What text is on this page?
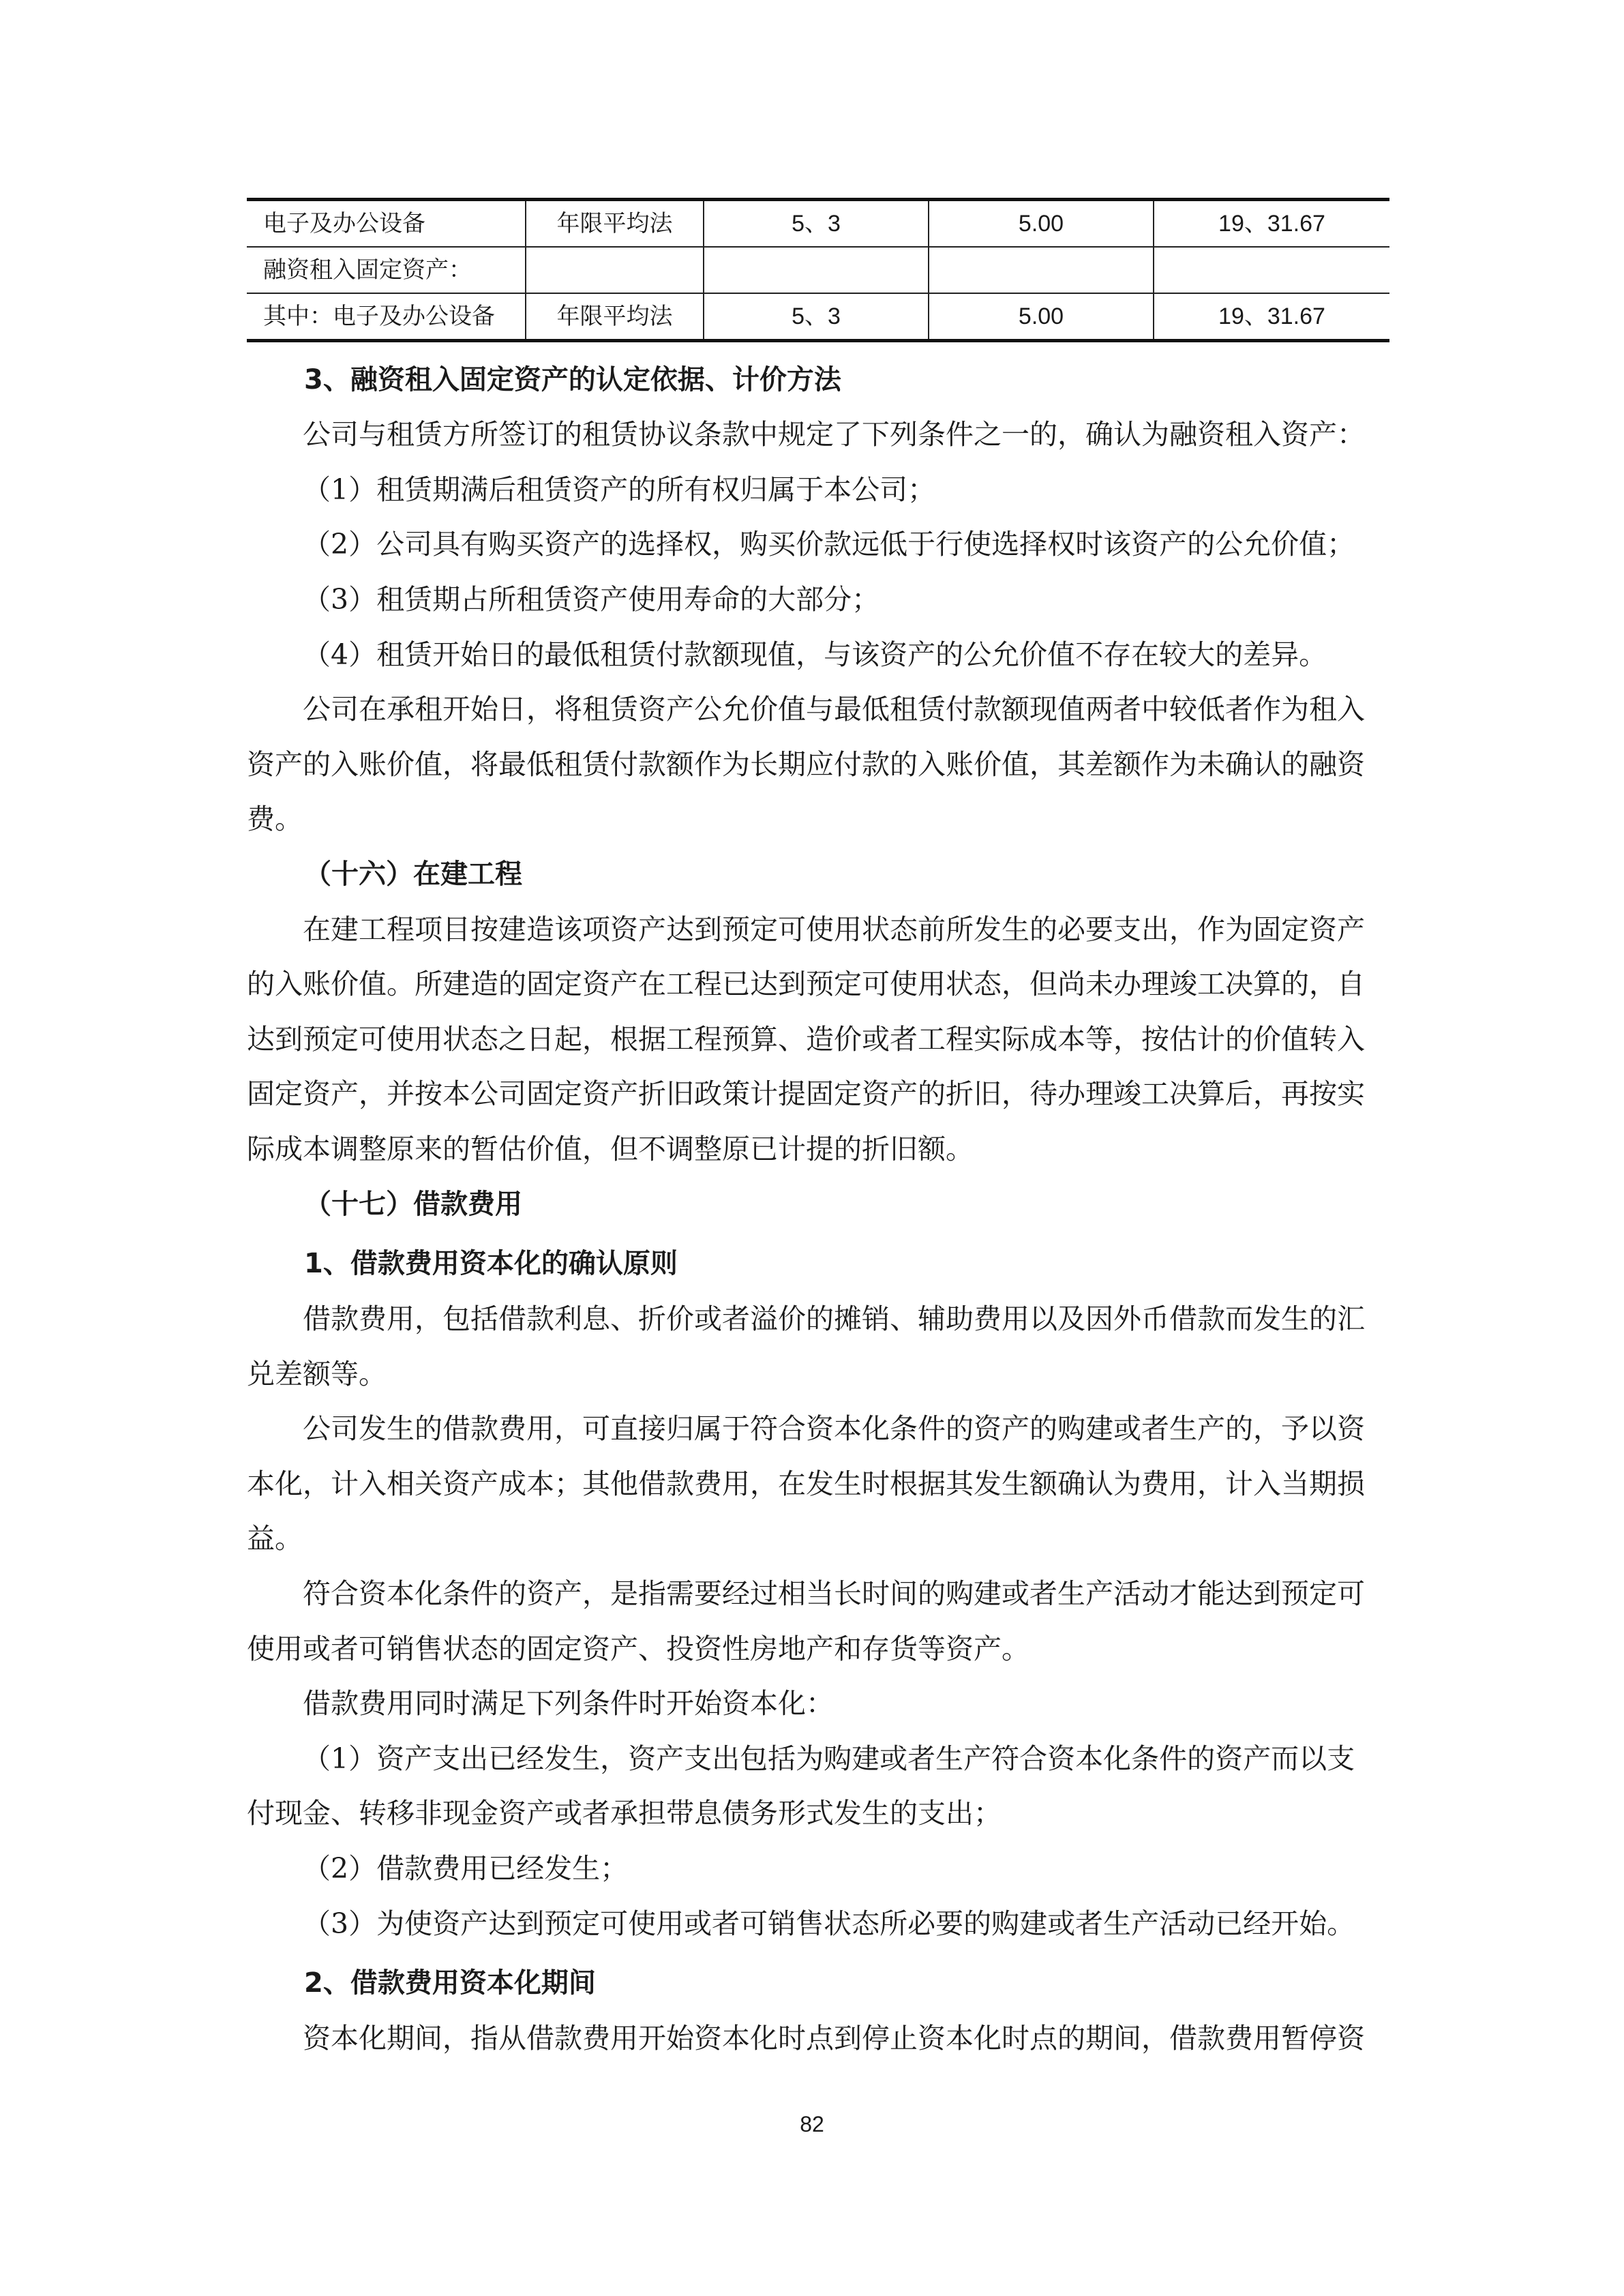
电子及办公设备	年限平均法	5、3	5.00	19、31.67
融资租入固定资产：				
其中：电子及办公设备	年限平均法	5、3	5.00	19、31.67

3、融资租入固定资产的认定依据、计价方法

公司与租赁方所签订的租赁协议条款中规定了下列条件之一的，确认为融资租入资产：

（1）租赁期满后租赁资产的所有权归属于本公司；

（2）公司具有购买资产的选择权，购买价款远低于行使选择权时该资产的公允价值；

（3）租赁期占所租赁资产使用寿命的大部分；

（4）租赁开始日的最低租赁付款额现值，与该资产的公允价值不存在较大的差异。

公司在承租开始日，将租赁资产公允价值与最低租赁付款额现值两者中较低者作为租入

资产的入账价值，将最低租赁付款额作为长期应付款的入账价值，其差额作为未确认的融资

费。

（十六）在建工程

在建工程项目按建造该项资产达到预定可使用状态前所发生的必要支出，作为固定资产

的入账价值。所建造的固定资产在工程已达到预定可使用状态，但尚未办理竣工决算的，自

达到预定可使用状态之日起，根据工程预算、造价或者工程实际成本等，按估计的价值转入

固定资产，并按本公司固定资产折旧政策计提固定资产的折旧，待办理竣工决算后，再按实

际成本调整原来的暂估价值，但不调整原已计提的折旧额。

（十七）借款费用

1、借款费用资本化的确认原则

借款费用，包括借款利息、折价或者溢价的摊销、辅助费用以及因外币借款而发生的汇

兑差额等。

公司发生的借款费用，可直接归属于符合资本化条件的资产的购建或者生产的，予以资

本化，计入相关资产成本；其他借款费用，在发生时根据其发生额确认为费用，计入当期损

益。

符合资本化条件的资产，是指需要经过相当长时间的购建或者生产活动才能达到预定可

使用或者可销售状态的固定资产、投资性房地产和存货等资产。

借款费用同时满足下列条件时开始资本化：

（1）资产支出已经发生，资产支出包括为购建或者生产符合资本化条件的资产而以支

付现金、转移非现金资产或者承担带息债务形式发生的支出；

（2）借款费用已经发生；

（3）为使资产达到预定可使用或者可销售状态所必要的购建或者生产活动已经开始。

2、借款费用资本化期间

资本化期间，指从借款费用开始资本化时点到停止资本化时点的期间，借款费用暂停资

82
